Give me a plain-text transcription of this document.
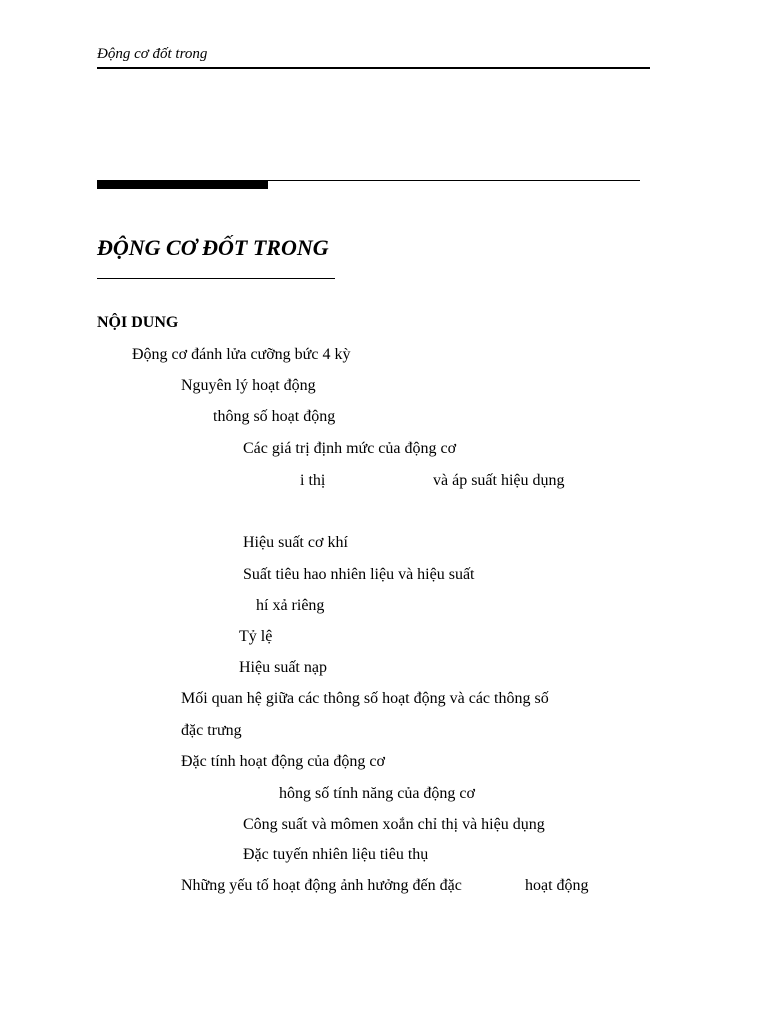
Động cơ đốt trong
ĐỘNG CƠ ĐỐT TRONG
NỘI DUNG
Động cơ đánh lửa cưỡng bức 4 kỳ
Nguyên lý hoạt động
thông số hoạt động
Các giá trị định mức của động cơ
i thị	và áp suất hiệu dụng
Hiệu suất cơ khí
Suất tiêu hao nhiên liệu và hiệu suất
hí xả riêng
Tỷ lệ
Hiệu suất nạp
Mối quan hệ giữa các thông số hoạt động và các thông số
đặc trưng
Đặc tính hoạt động của động cơ
hông số tính năng của động cơ
Công suất và mômen xoắn chỉ thị và hiệu dụng
Đặc tuyến nhiên liệu tiêu thụ
Những yếu tố hoạt động ảnh hưởng đến đặc	hoạt động
